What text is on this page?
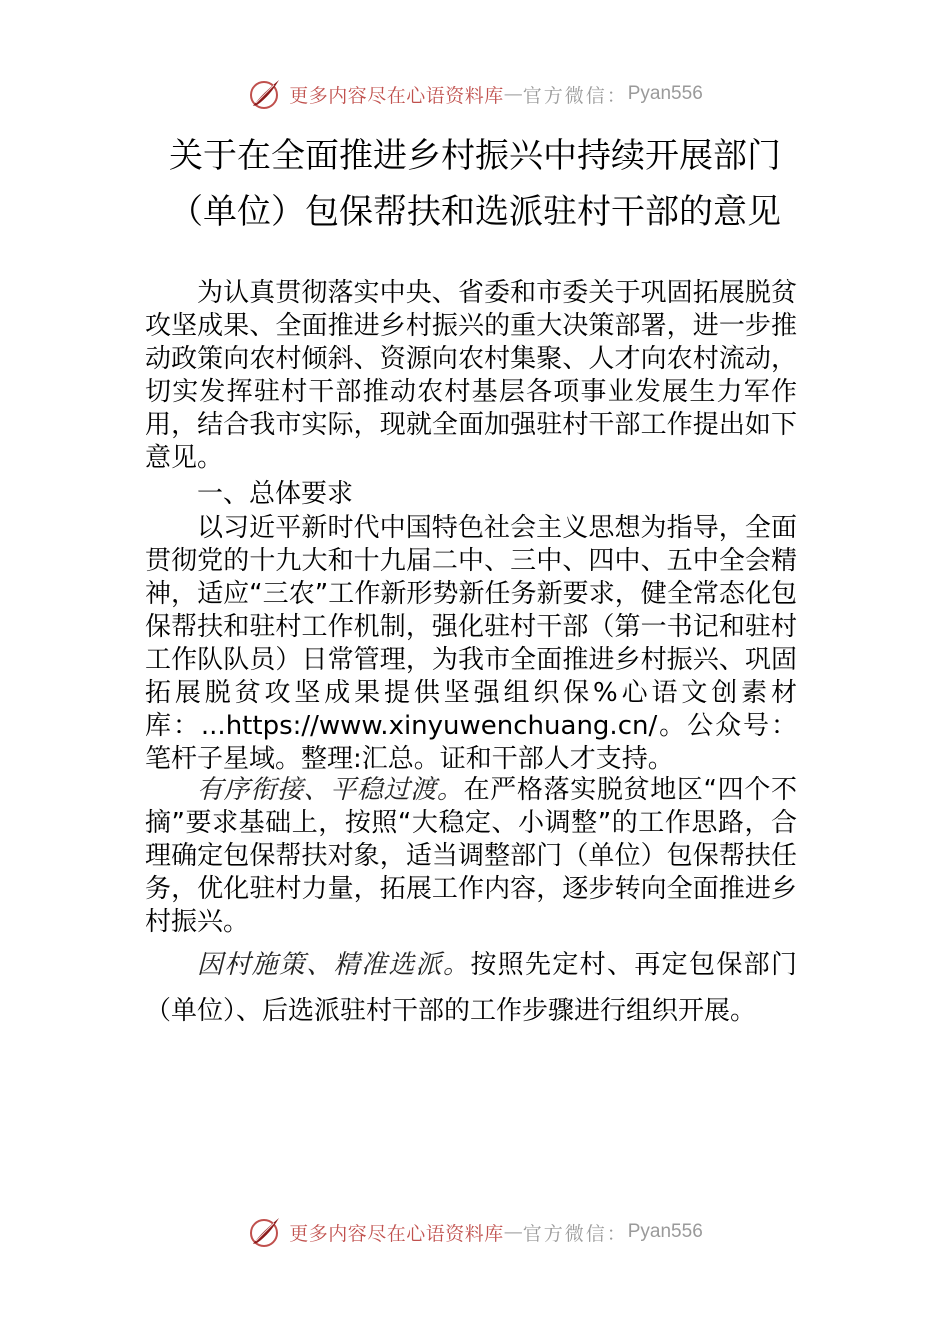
更多内容尽在心语资料库 — 官方微信： Pyan556
关于在全面推进乡村振兴中持续开展部门
（单位）包保帮扶和选派驻村干部的意见

为认真贯彻落实中央、省委和市委关于巩固拓展脱贫攻坚成果、全面推进乡村振兴的重大决策部署，进一步推动政策向农村倾斜、资源向农村集聚、人才向农村流动，切实发挥驻村干部推动农村基层各项事业发展生力军作用，结合我市实际，现就全面加强驻村干部工作提出如下意见。

一、总体要求

以习近平新时代中国特色社会主义思想为指导，全面贯彻党的十九大和十九届二中、三中、四中、五中全会精神，适应“三农”工作新形势新任务新要求，健全常态化包保帮扶和驻村工作机制，强化驻村干部（第一书记和驻村工作队队员）日常管理，为我市全面推进乡村振兴、巩固拓展脱贫攻坚成果提供坚强组织保%心语文创素材库：...https://www.xinyuwenchuang.cn/。公众号：笔杆子星域。整理:汇总。证和干部人才支持。

有序衔接、平稳过渡。在严格落实脱贫地区“四个不摘”要求基础上，按照“大稳定、小调整”的工作思路，合理确定包保帮扶对象，适当调整部门（单位）包保帮扶任务，优化驻村力量，拓展工作内容，逐步转向全面推进乡村振兴。

因村施策、精准选派。按照先定村、再定包保部门（单位）、后选派驻村干部的工作步骤进行组织开展。

更多内容尽在心语资料库 — 官方微信： Pyan556
